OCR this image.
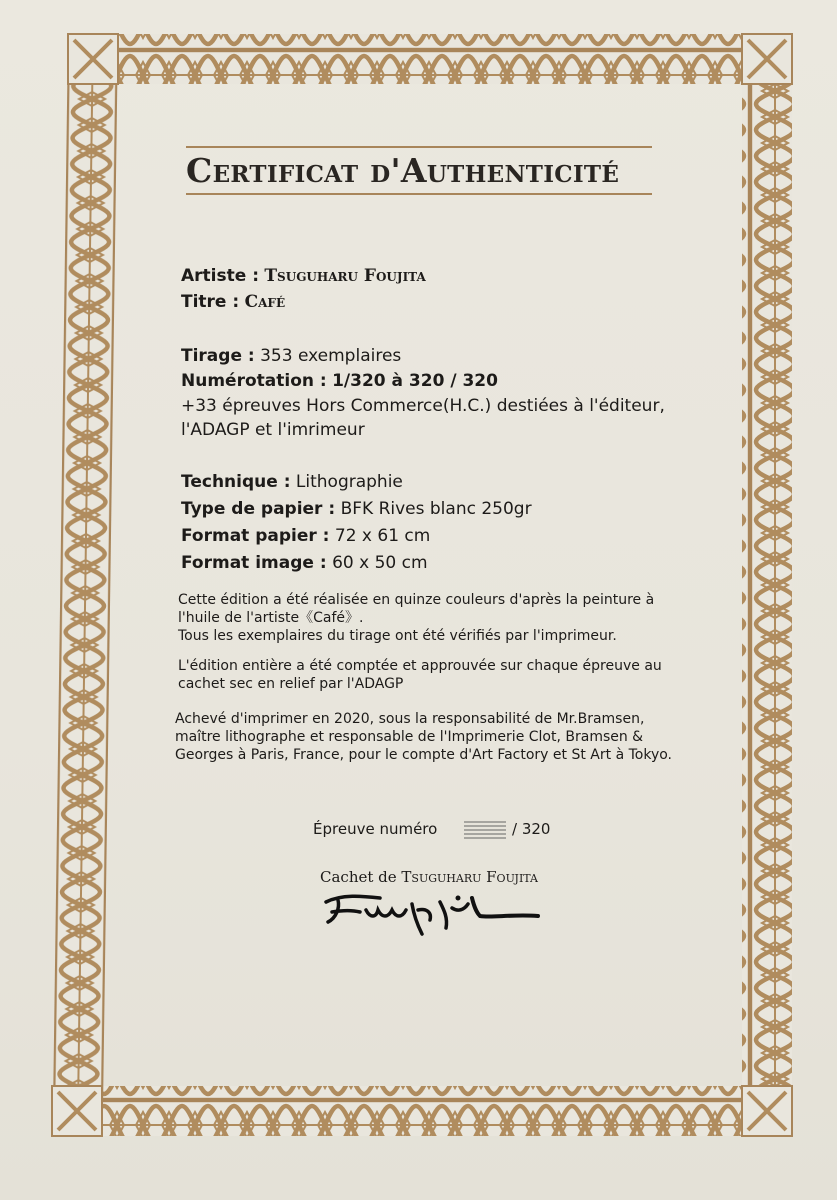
Certificat d'Authenticité
Artiste : Tsuguharu Foujita
Titre : Café
Tirage : 353 exemplaires
Numérotation : 1/320 à 320 / 320
+33 épreuves Hors Commerce(H.C.) destiées à l'éditeur,
l'ADAGP et l'imrimeur
Technique : Lithographie
Type de papier : BFK Rives blanc 250gr
Format papier : 72 x 61 cm
Format image : 60 x 50 cm
Cette édition a été réalisée en quinze couleurs d'après la peinture à
l'huile de l'artiste《Café》.
Tous les exemplaires du tirage ont été vérifiés par l'imprimeur.
L'édition entière a été comptée et approuvée sur chaque épreuve au
cachet sec en relief par l'ADAGP
Achevé d'imprimer en 2020, sous la responsabilité de Mr.Bramsen,
maître lithographe et responsable de l'Imprimerie Clot, Bramsen &
Georges à Paris, France, pour le compte d'Art Factory et St Art à Tokyo.
Épreuve numéro	/ 320
Cachet de Tsuguharu Foujita
